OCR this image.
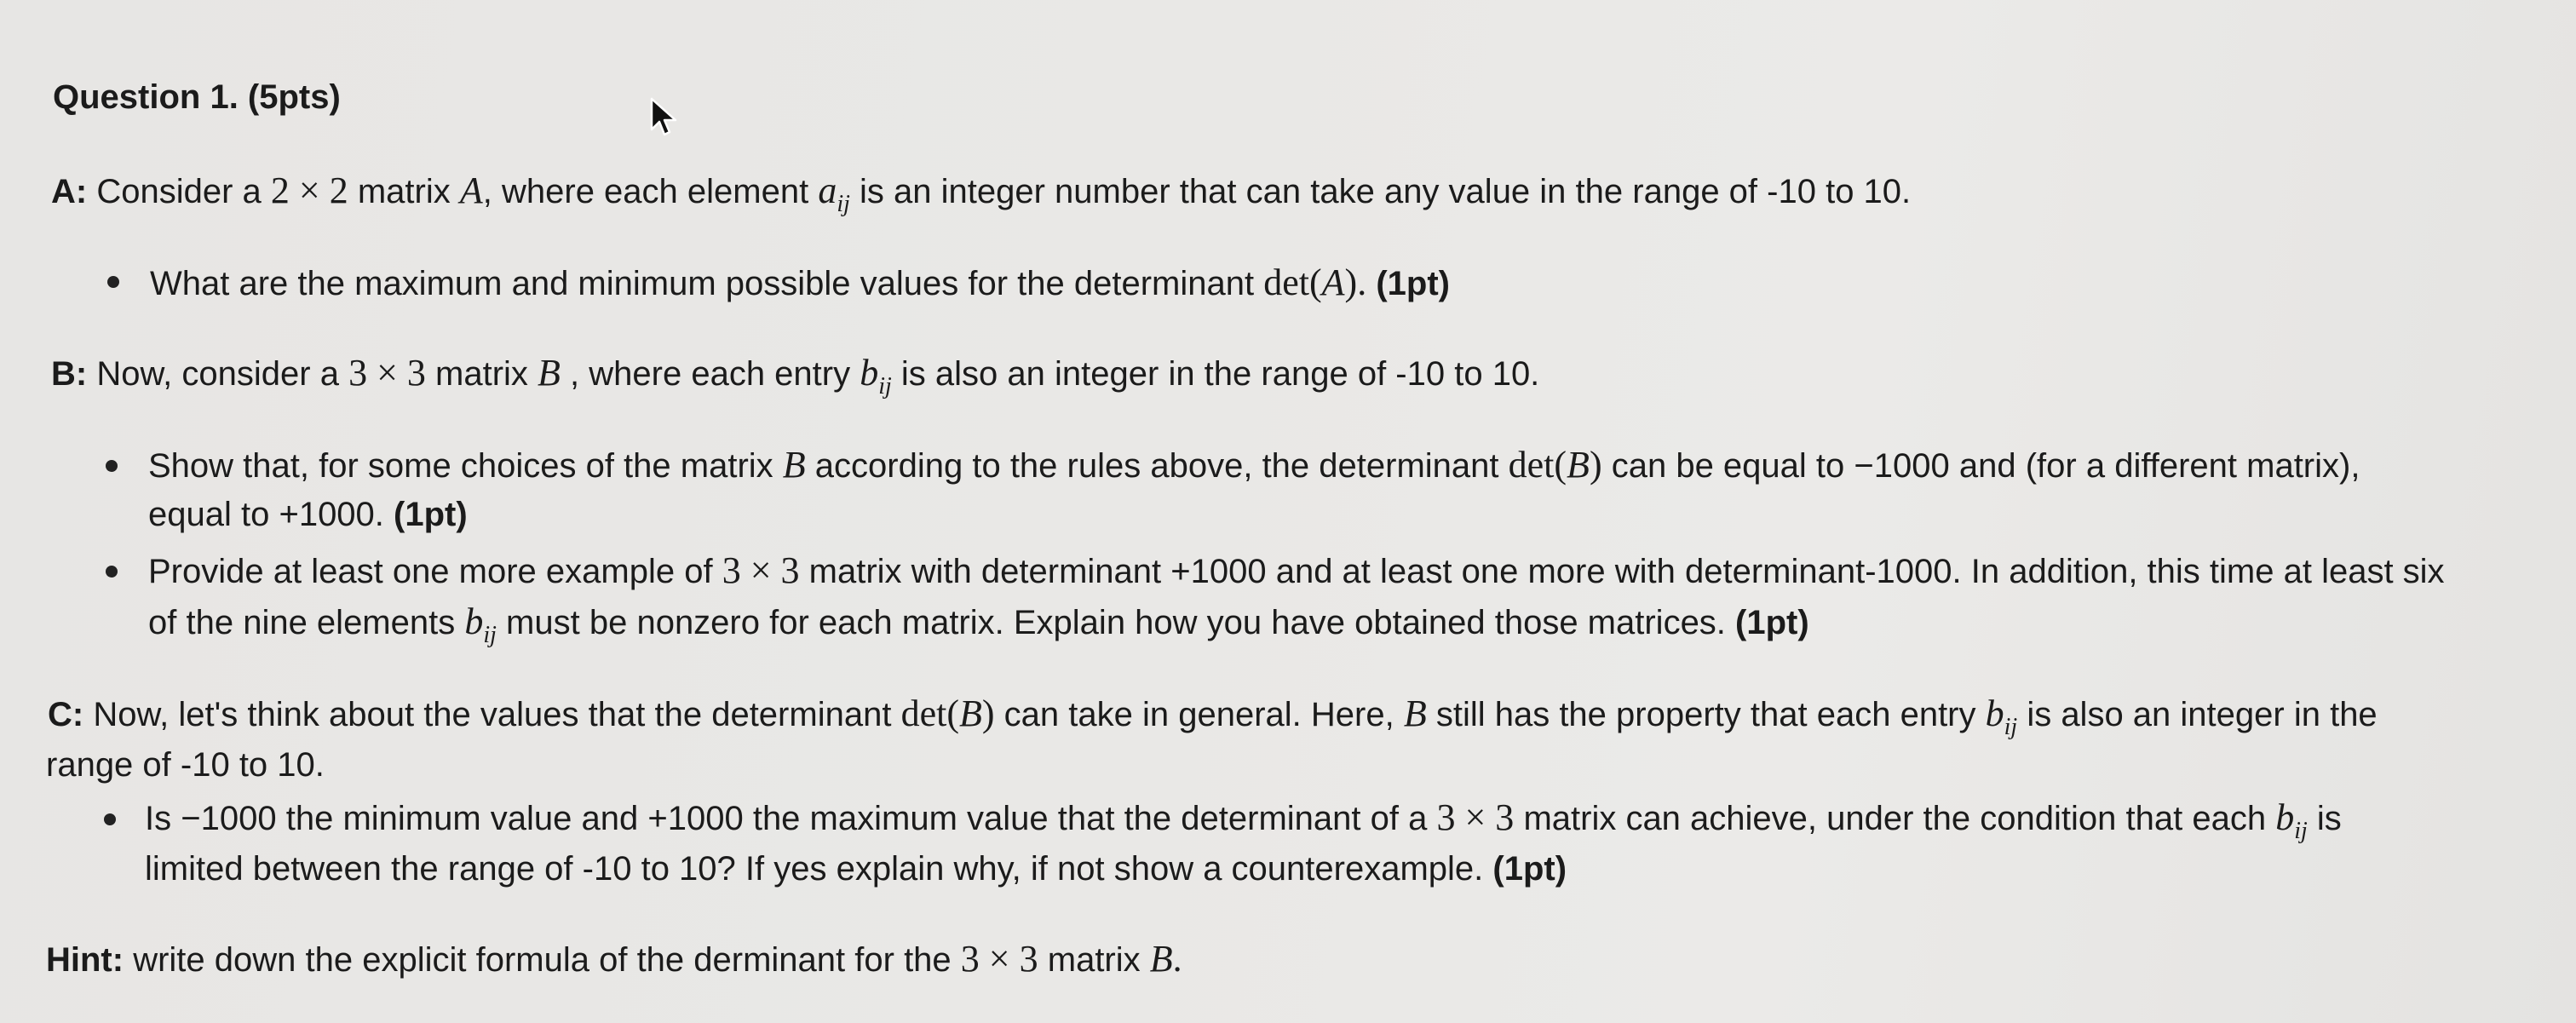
Question 1. (5pts)
A: Consider a 2 × 2 matrix A, where each element $a_{ij}$ is an integer number that can take any value in the range of -10 to 10.
What are the maximum and minimum possible values for the determinant det(A). (1pt)
B: Now, consider a 3 × 3 matrix B , where each entry $b_{ij}$ is also an integer in the range of -10 to 10.
Show that, for some choices of the matrix B according to the rules above, the determinant det(B) can be equal to −1000 and (for a different matrix),
equal to +1000. (1pt)
Provide at least one more example of 3 × 3 matrix with determinant +1000 and at least one more with determinant-1000. In addition, this time at least six
of the nine elements $b_{ij}$ must be nonzero for each matrix. Explain how you have obtained those matrices. (1pt)
C: Now, let's think about the values that the determinant det(B) can take in general. Here, B still has the property that each entry $b_{ij}$ is also an integer in the
range of -10 to 10.
Is −1000 the minimum value and +1000 the maximum value that the determinant of a 3 × 3 matrix can achieve, under the condition that each $b_{ij}$ is
limited between the range of -10 to 10? If yes explain why, if not show a counterexample. (1pt)
Hint: write down the explicit formula of the derminant for the 3 × 3 matrix B.
